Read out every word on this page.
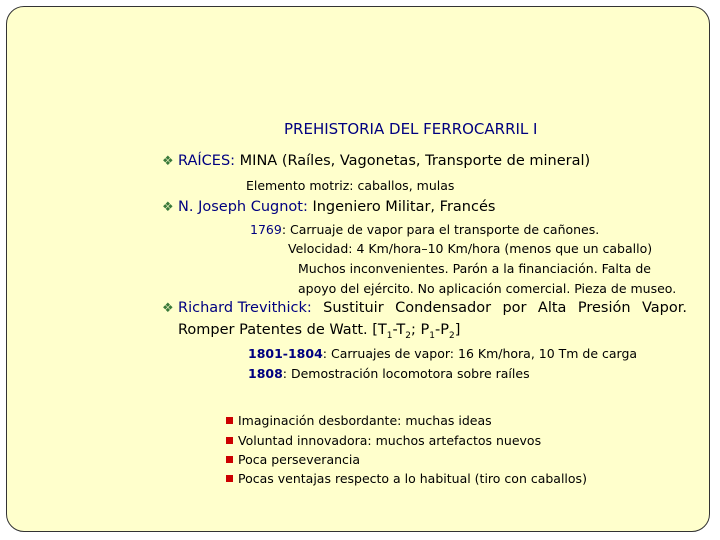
PREHISTORIA DEL FERROCARRIL I
❖ RAÍCES: MINA (Raíles, Vagonetas, Transporte de mineral)
Elemento motriz: caballos, mulas
❖ N. Joseph Cugnot: Ingeniero Militar, Francés
1769: Carruaje de vapor para el transporte de cañones.
Velocidad: 4 Km/hora–10 Km/hora (menos que un caballo)
Muchos inconvenientes. Parón a la financiación. Falta de
apoyo del ejército. No aplicación comercial. Pieza de museo.
❖ Richard Trevithick: Sustituir Condensador por Alta Presión Vapor.
Romper Patentes de Watt. [$T_1-T_2$; $P_1-P_2$]
1801-1804: Carruajes de vapor: 16 Km/hora, 10 Tm de carga
1808: Demostración locomotora sobre raíles
Imaginación desbordante: muchas ideas
Voluntad innovadora: muchos artefactos nuevos
Poca perseverancia
Pocas ventajas respecto a lo habitual (tiro con caballos)
